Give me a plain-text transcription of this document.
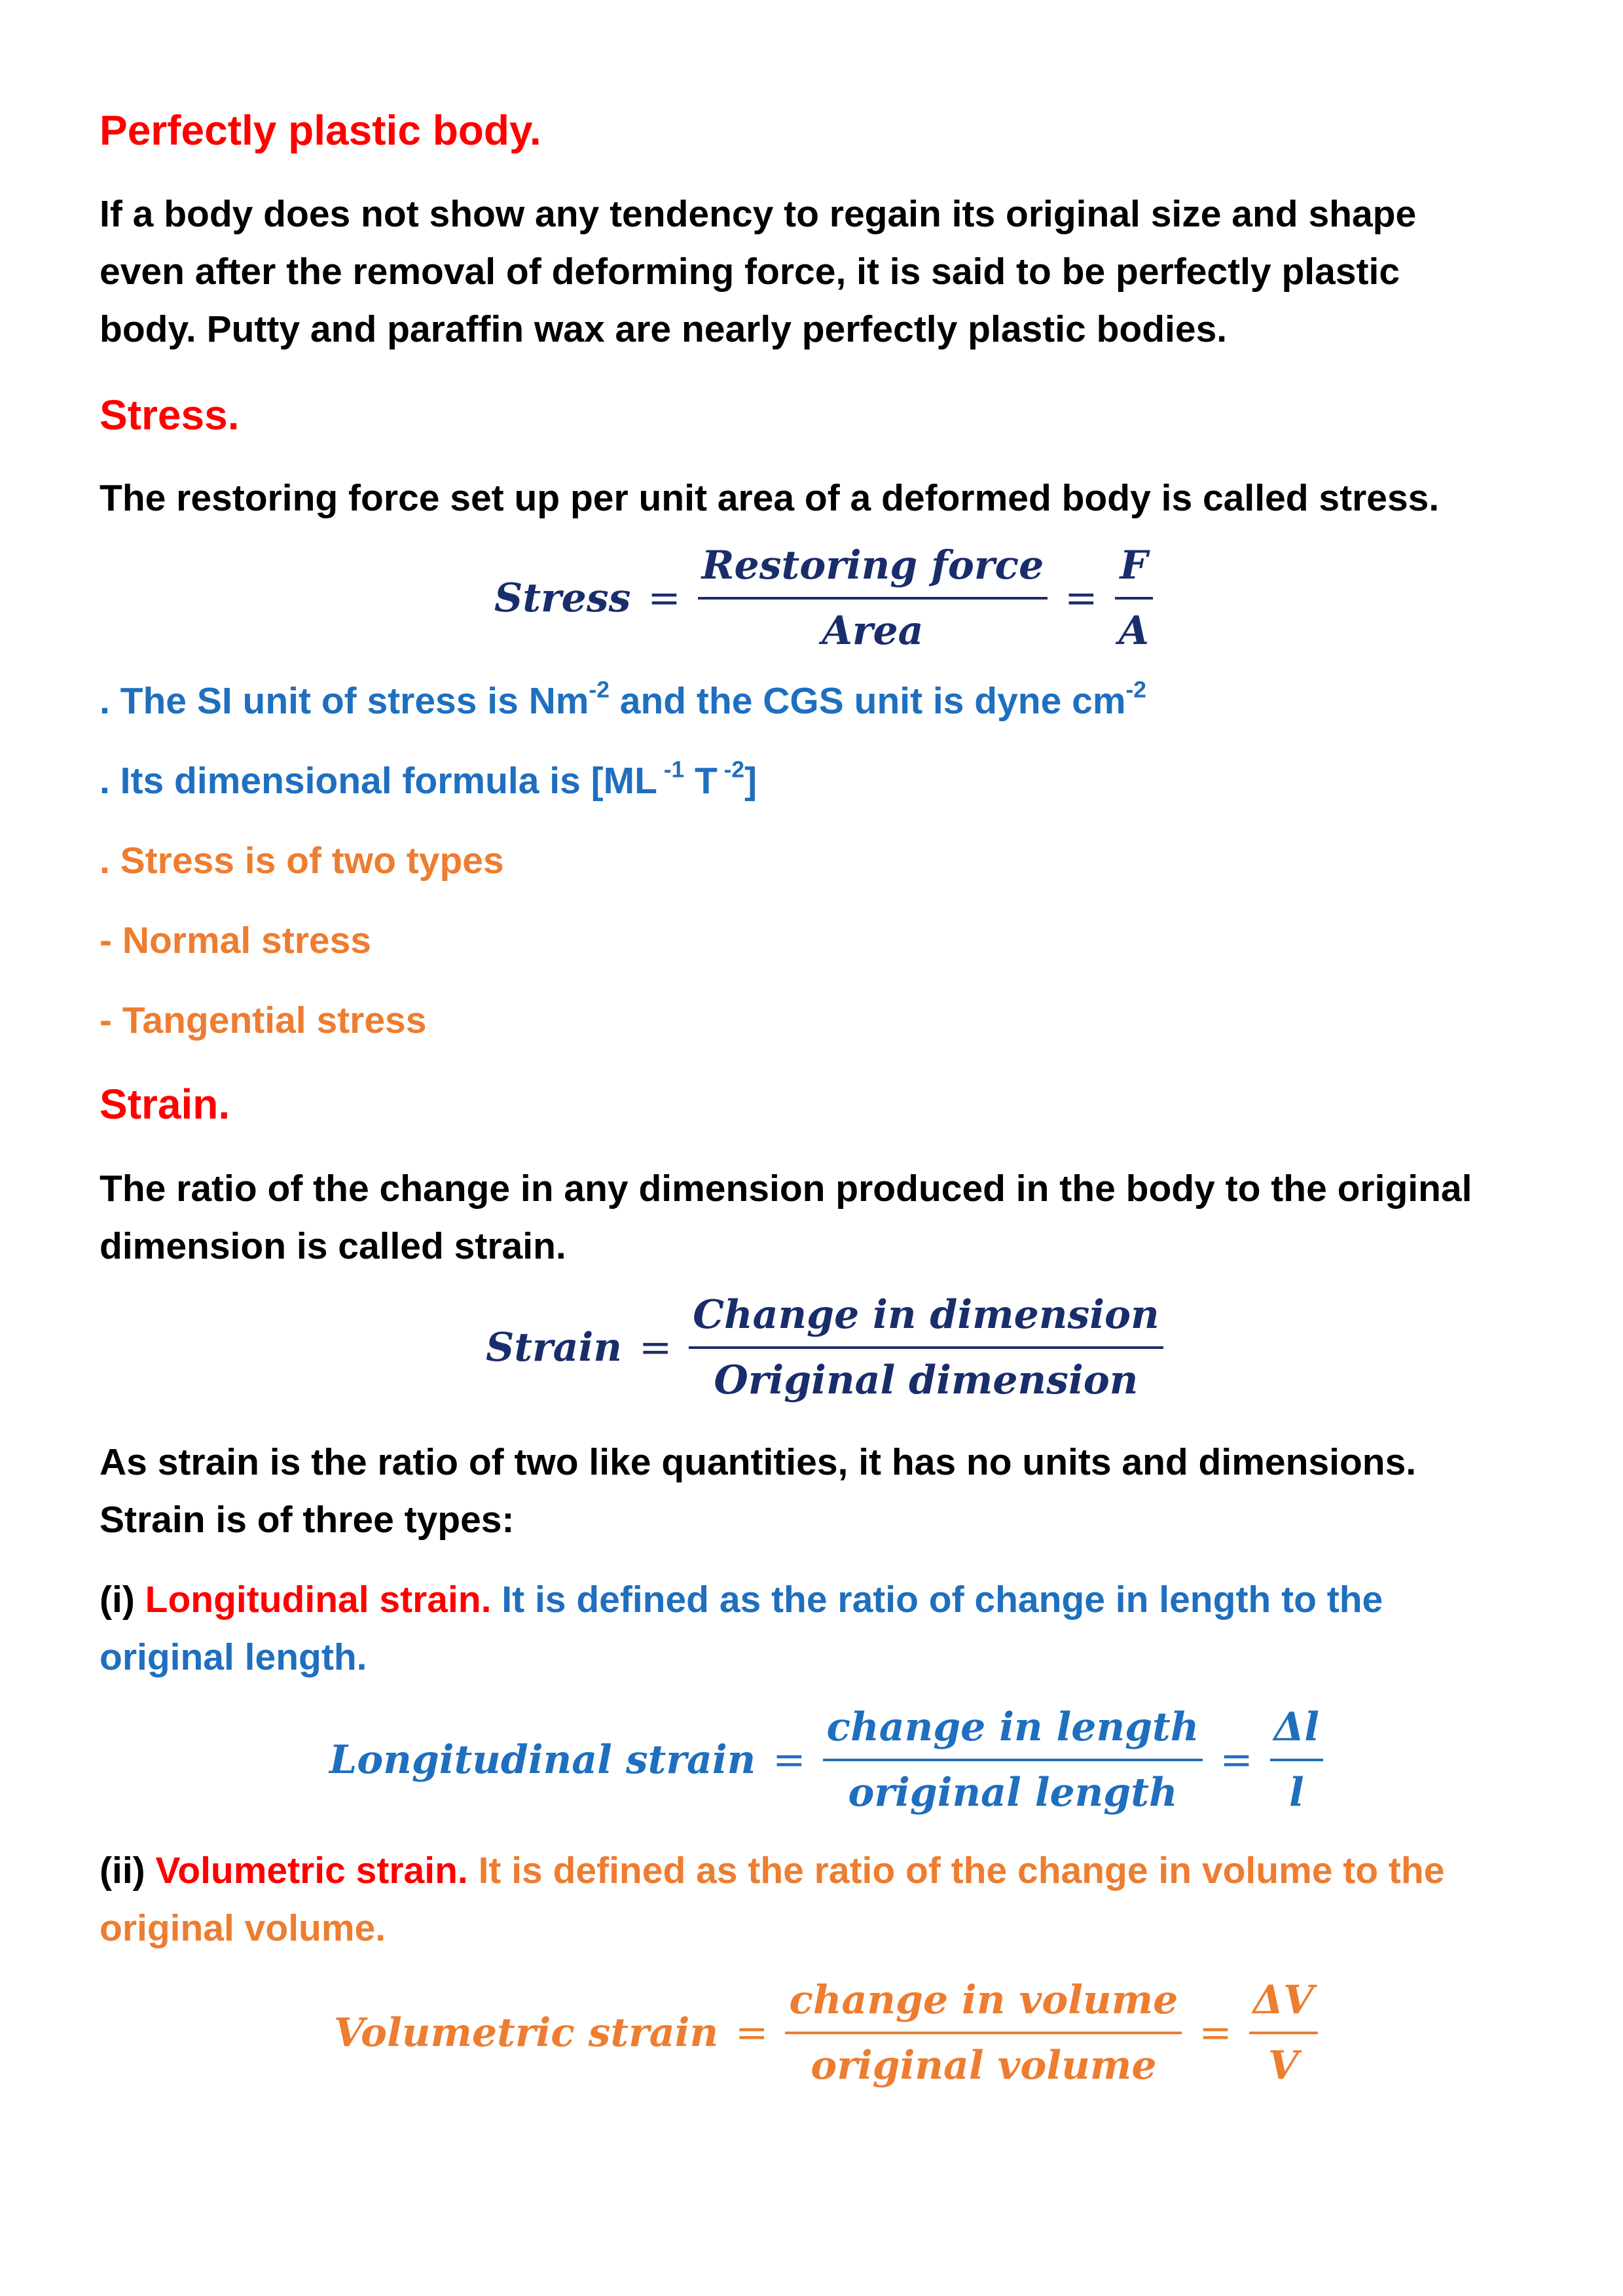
Perfectly plastic body.
If a body does not show any tendency to regain its original size and shape
even after the removal of deforming force, it is said to be perfectly plastic
body. Putty and paraffin wax are nearly perfectly plastic bodies.
Stress.
The restoring force set up per unit area of a deformed body is called stress.
Stress = $\frac{\text{Restoring force}}{\text{Area}} = \frac{F}{A}$
. The SI unit of stress is $Nm^{-2}$ and the CGS unit is dyne $cm^{-2}$
. Its dimensional formula is [ML $^{-1}$ T $^{-2}$]
. Stress is of two types
- Normal stress
- Tangential stress
Strain.
The ratio of the change in any dimension produced in the body to the original
dimension is called strain.
Strain = $\frac{\text{Change in dimension}}{\text{Original dimension}}$
As strain is the ratio of two like quantities, it has no units and dimensions.
Strain is of three types:
(i) Longitudinal strain. It is defined as the ratio of change in length to the
original length.
Longitudinal strain = $\frac{\text{change in length}}{\text{original length}} = \frac{\Delta l}{l}$
(ii) Volumetric strain. It is defined as the ratio of the change in volume to the
original volume.
Volumetric strain = $\frac{\text{change in volume}}{\text{original volume}} = \frac{\Delta V}{V}$
